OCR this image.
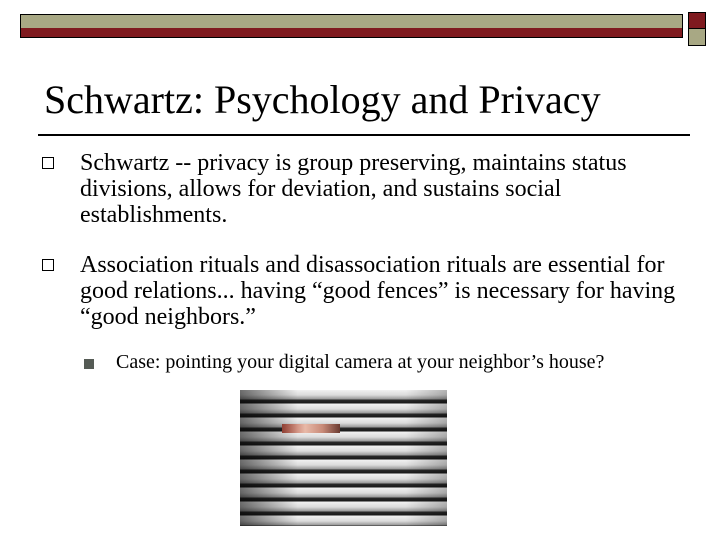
Schwartz: Psychology and Privacy
Schwartz -- privacy is group preserving, maintains status divisions, allows for deviation, and sustains social establishments.
Association rituals and disassociation rituals are essential for good relations... having “good fences” is necessary for having “good neighbors.”
Case: pointing your digital camera at your neighbor’s house?
